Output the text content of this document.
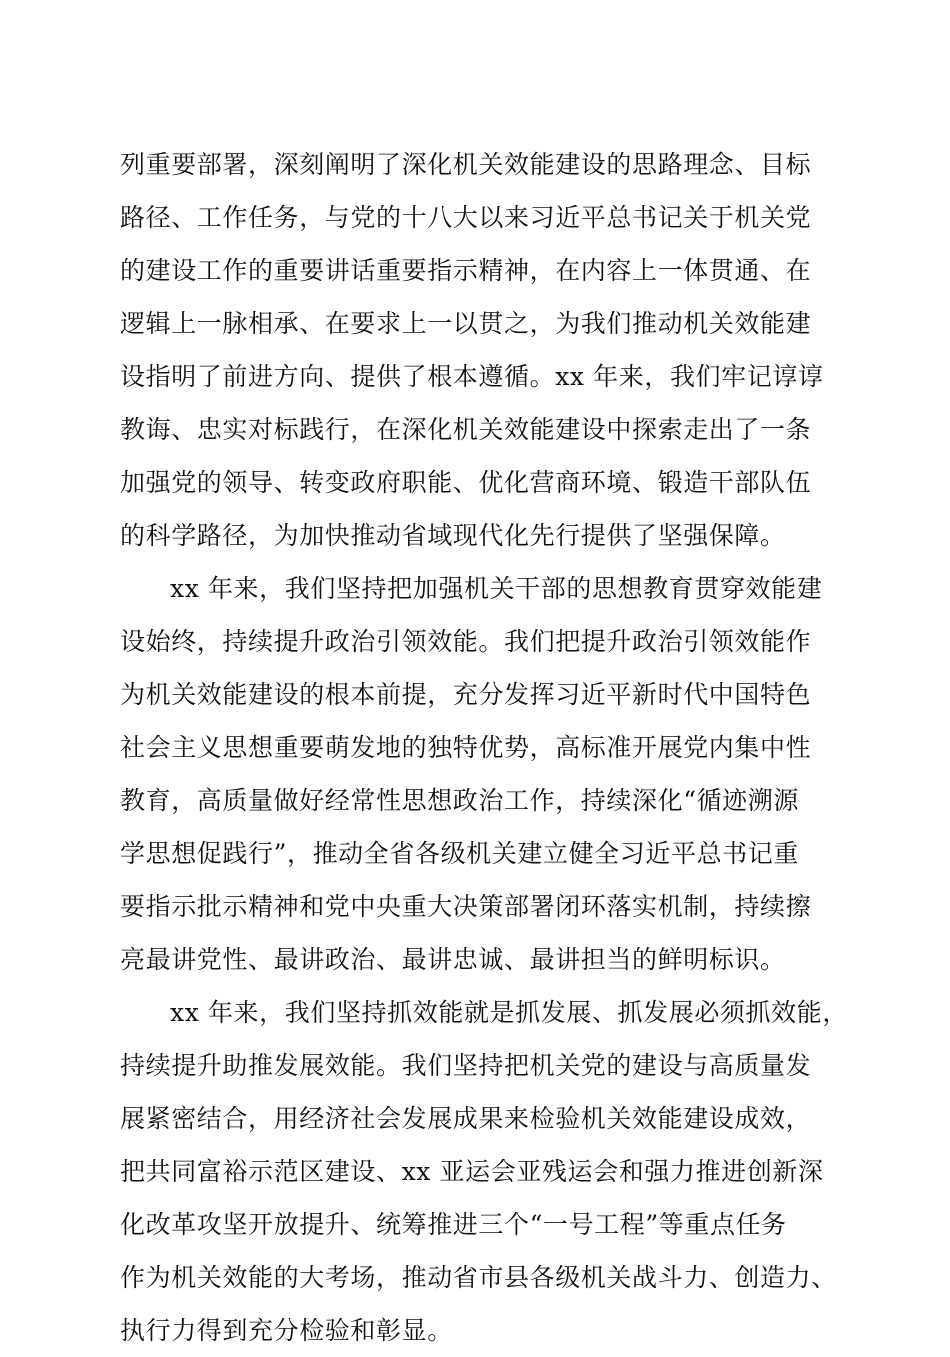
列重要部署，深刻阐明了深化机关效能建设的思路理念、目标
路径、工作任务，与党的十八大以来习近平总书记关于机关党
的建设工作的重要讲话重要指示精神，在内容上一体贯通、在
逻辑上一脉相承、在要求上一以贯之，为我们推动机关效能建
设指明了前进方向、提供了根本遵循。xx 年来，我们牢记谆谆
教诲、忠实对标践行，在深化机关效能建设中探索走出了一条
加强党的领导、转变政府职能、优化营商环境、锻造干部队伍
的科学路径，为加快推动省域现代化先行提供了坚强保障。
xx 年来，我们坚持把加强机关干部的思想教育贯穿效能建
设始终，持续提升政治引领效能。我们把提升政治引领效能作
为机关效能建设的根本前提，充分发挥习近平新时代中国特色
社会主义思想重要萌发地的独特优势，高标准开展党内集中性
教育，高质量做好经常性思想政治工作，持续深化“循迹溯源
学思想促践行”，推动全省各级机关建立健全习近平总书记重
要指示批示精神和党中央重大决策部署闭环落实机制，持续擦
亮最讲党性、最讲政治、最讲忠诚、最讲担当的鲜明标识。
xx 年来，我们坚持抓效能就是抓发展、抓发展必须抓效能，
持续提升助推发展效能。我们坚持把机关党的建设与高质量发
展紧密结合，用经济社会发展成果来检验机关效能建设成效，
把共同富裕示范区建设、xx 亚运会亚残运会和强力推进创新深
化改革攻坚开放提升、统筹推进三个“一号工程”等重点任务
作为机关效能的大考场，推动省市县各级机关战斗力、创造力、
执行力得到充分检验和彰显。
